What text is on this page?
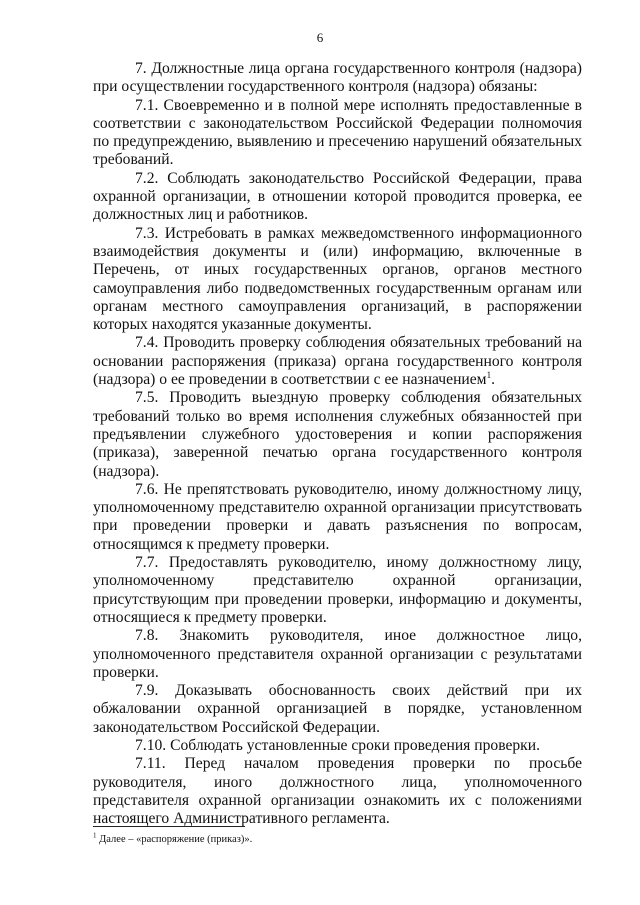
6

7. Должностные лица органа государственного контроля (надзора) при осуществлении государственного контроля (надзора) обязаны:

7.1. Своевременно и в полной мере исполнять предоставленные в соответствии с законодательством Российской Федерации полномочия по предупреждению, выявлению и пресечению нарушений обязательных требований.

7.2. Соблюдать законодательство Российской Федерации, права охранной организации, в отношении которой проводится проверка, ее должностных лиц и работников.

7.3. Истребовать в рамках межведомственного информационного взаимодействия документы и (или) информацию, включенные в Перечень, от иных государственных органов, органов местного самоуправления либо подведомственных государственным органам или органам местного самоуправления организаций, в распоряжении которых находятся указанные документы.

7.4. Проводить проверку соблюдения обязательных требований на основании распоряжения (приказа) органа государственного контроля (надзора) о ее проведении в соответствии с ее назначением$^1$.

7.5. Проводить выездную проверку соблюдения обязательных требований только во время исполнения служебных обязанностей при предъявлении служебного удостоверения и копии распоряжения (приказа), заверенной печатью органа государственного контроля (надзора).

7.6. Не препятствовать руководителю, иному должностному лицу, уполномоченному представителю охранной организации присутствовать при проведении проверки и давать разъяснения по вопросам, относящимся к предмету проверки.

7.7. Предоставлять руководителю, иному должностному лицу, уполномоченному представителю охранной организации, присутствующим при проведении проверки, информацию и документы, относящиеся к предмету проверки.

7.8. Знакомить руководителя, иное должностное лицо, уполномоченного представителя охранной организации с результатами проверки.

7.9. Доказывать обоснованность своих действий при их обжаловании охранной организацией в порядке, установленном законодательством Российской Федерации.

7.10. Соблюдать установленные сроки проведения проверки.

7.11. Перед началом проведения проверки по просьбе руководителя, иного должностного лица, уполномоченного представителя охранной организации ознакомить их с положениями настоящего Административного регламента.

$^1$ Далее – «распоряжение (приказ)».
